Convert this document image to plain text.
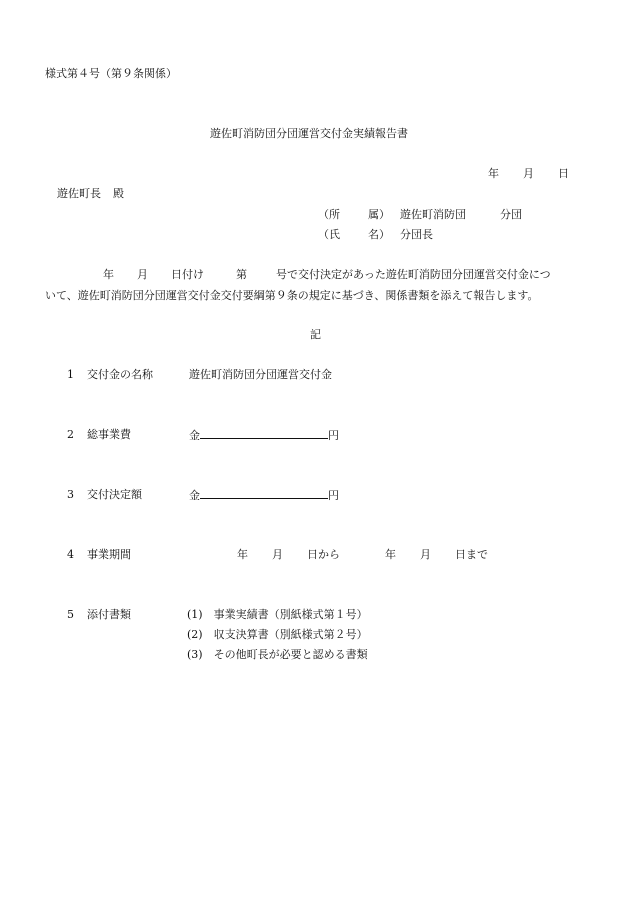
様式第４号（第９条関係）
遊佐町消防団分団運営交付金実績報告書
年 月 日
遊佐町長 殿
（所	属） 遊佐町消防団	分団
（氏	名） 分団長
年 月 日付け	第	号で交付決定があった遊佐町消防団分団運営交付金につ
いて、遊佐町消防団分団運営交付金交付要綱第９条の規定に基づき、関係書類を添えて報告します。
記
1 交付金の名称	遊佐町消防団分団運営交付金
2 総事業費	金	円
3 交付決定額	金	円
4 事業期間	年 月 日から	年 月 日まで
5 添付書類	(1)　事業実績書（別紙様式第１号）
(2)　収支決算書（別紙様式第２号）
(3)　その他町長が必要と認める書類
